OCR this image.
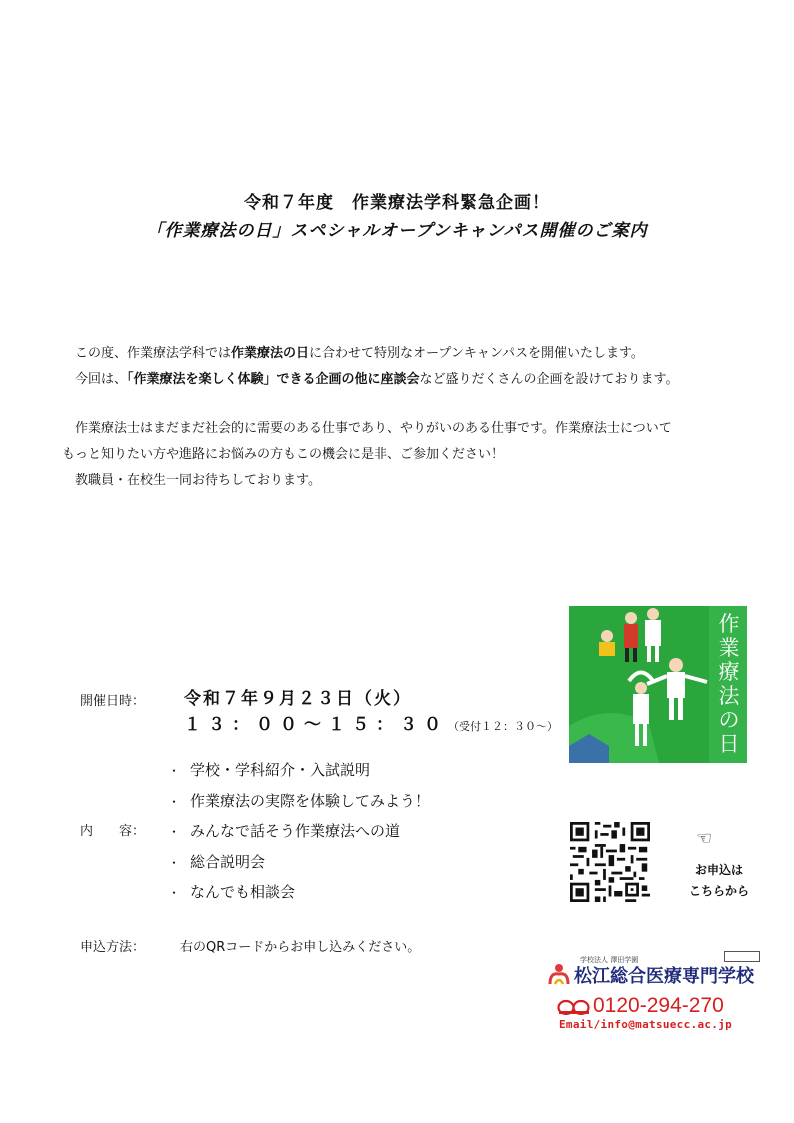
令和７年度　作業療法学科緊急企画！
「作業療法の日」スペシャルオープンキャンパス開催のご案内
　この度、作業療法学科では作業療法の日に合わせて特別なオープンキャンパスを開催いたします。
　今回は、「作業療法を楽しく体験」できる企画の他に座談会など盛りだくさんの企画を設けております。
　作業療法士はまだまだ社会的に需要のある仕事であり、やりがいのある仕事です。作業療法士について
もっと知りたい方や進路にお悩みの方もこの機会に是非、ご参加ください！
　教職員・在校生一同お待ちしております。
開催日時： 令和７年９月２３日（火）
１３：００～１５：３０（受付１２：３０～）
内　　容：
・ 学校・学科紹介・入試説明
・ 作業療法の実際を体験してみよう！
・ みんなで話そう作業療法への道
・ 総合説明会
・ なんでも相談会
申込方法：	右のQRコードからお申し込みください。
作
業
療
法
の
日
☜
お申込は
こちらから
学校法人 澤田学園
松江総合医療専門学校
0120-294-270
Email/info@matsuecc.ac.jp
